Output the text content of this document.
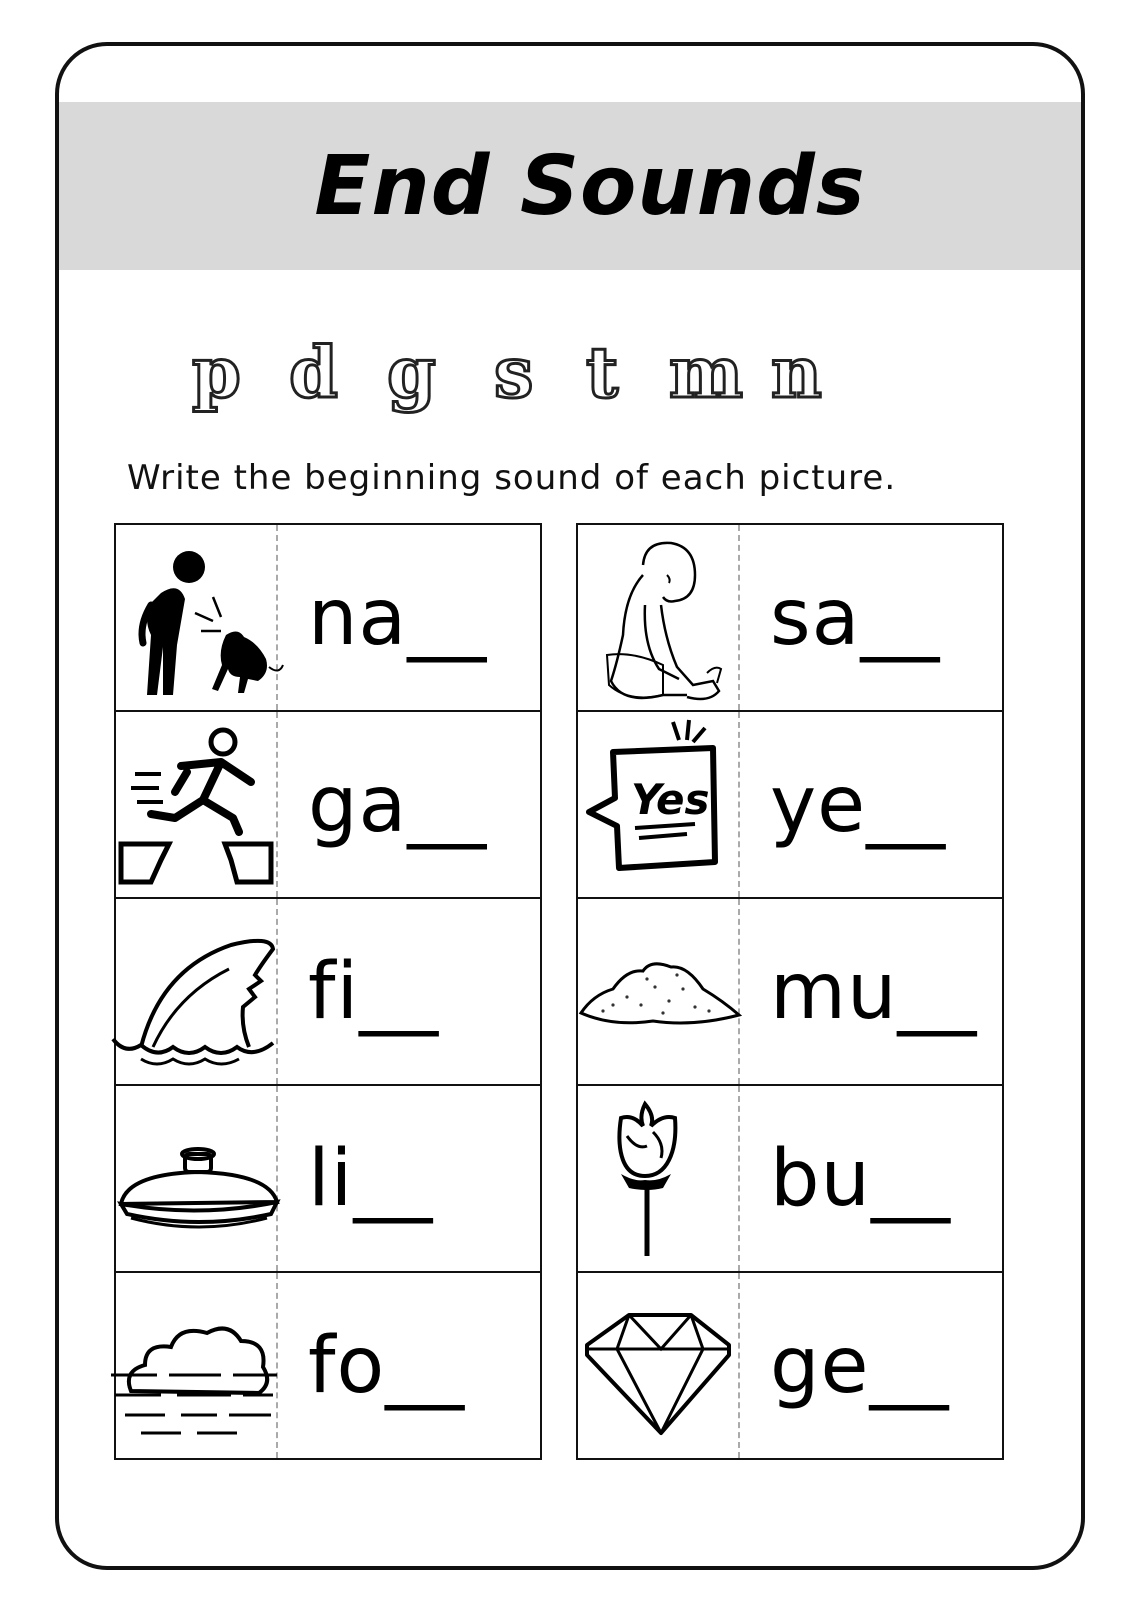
End Sounds
p d g s t m n
Write the beginning sound of each picture.
na__
ga__
fi__
li__
fo__
sa__
Yes ye__
mu__
bu__
ge__
